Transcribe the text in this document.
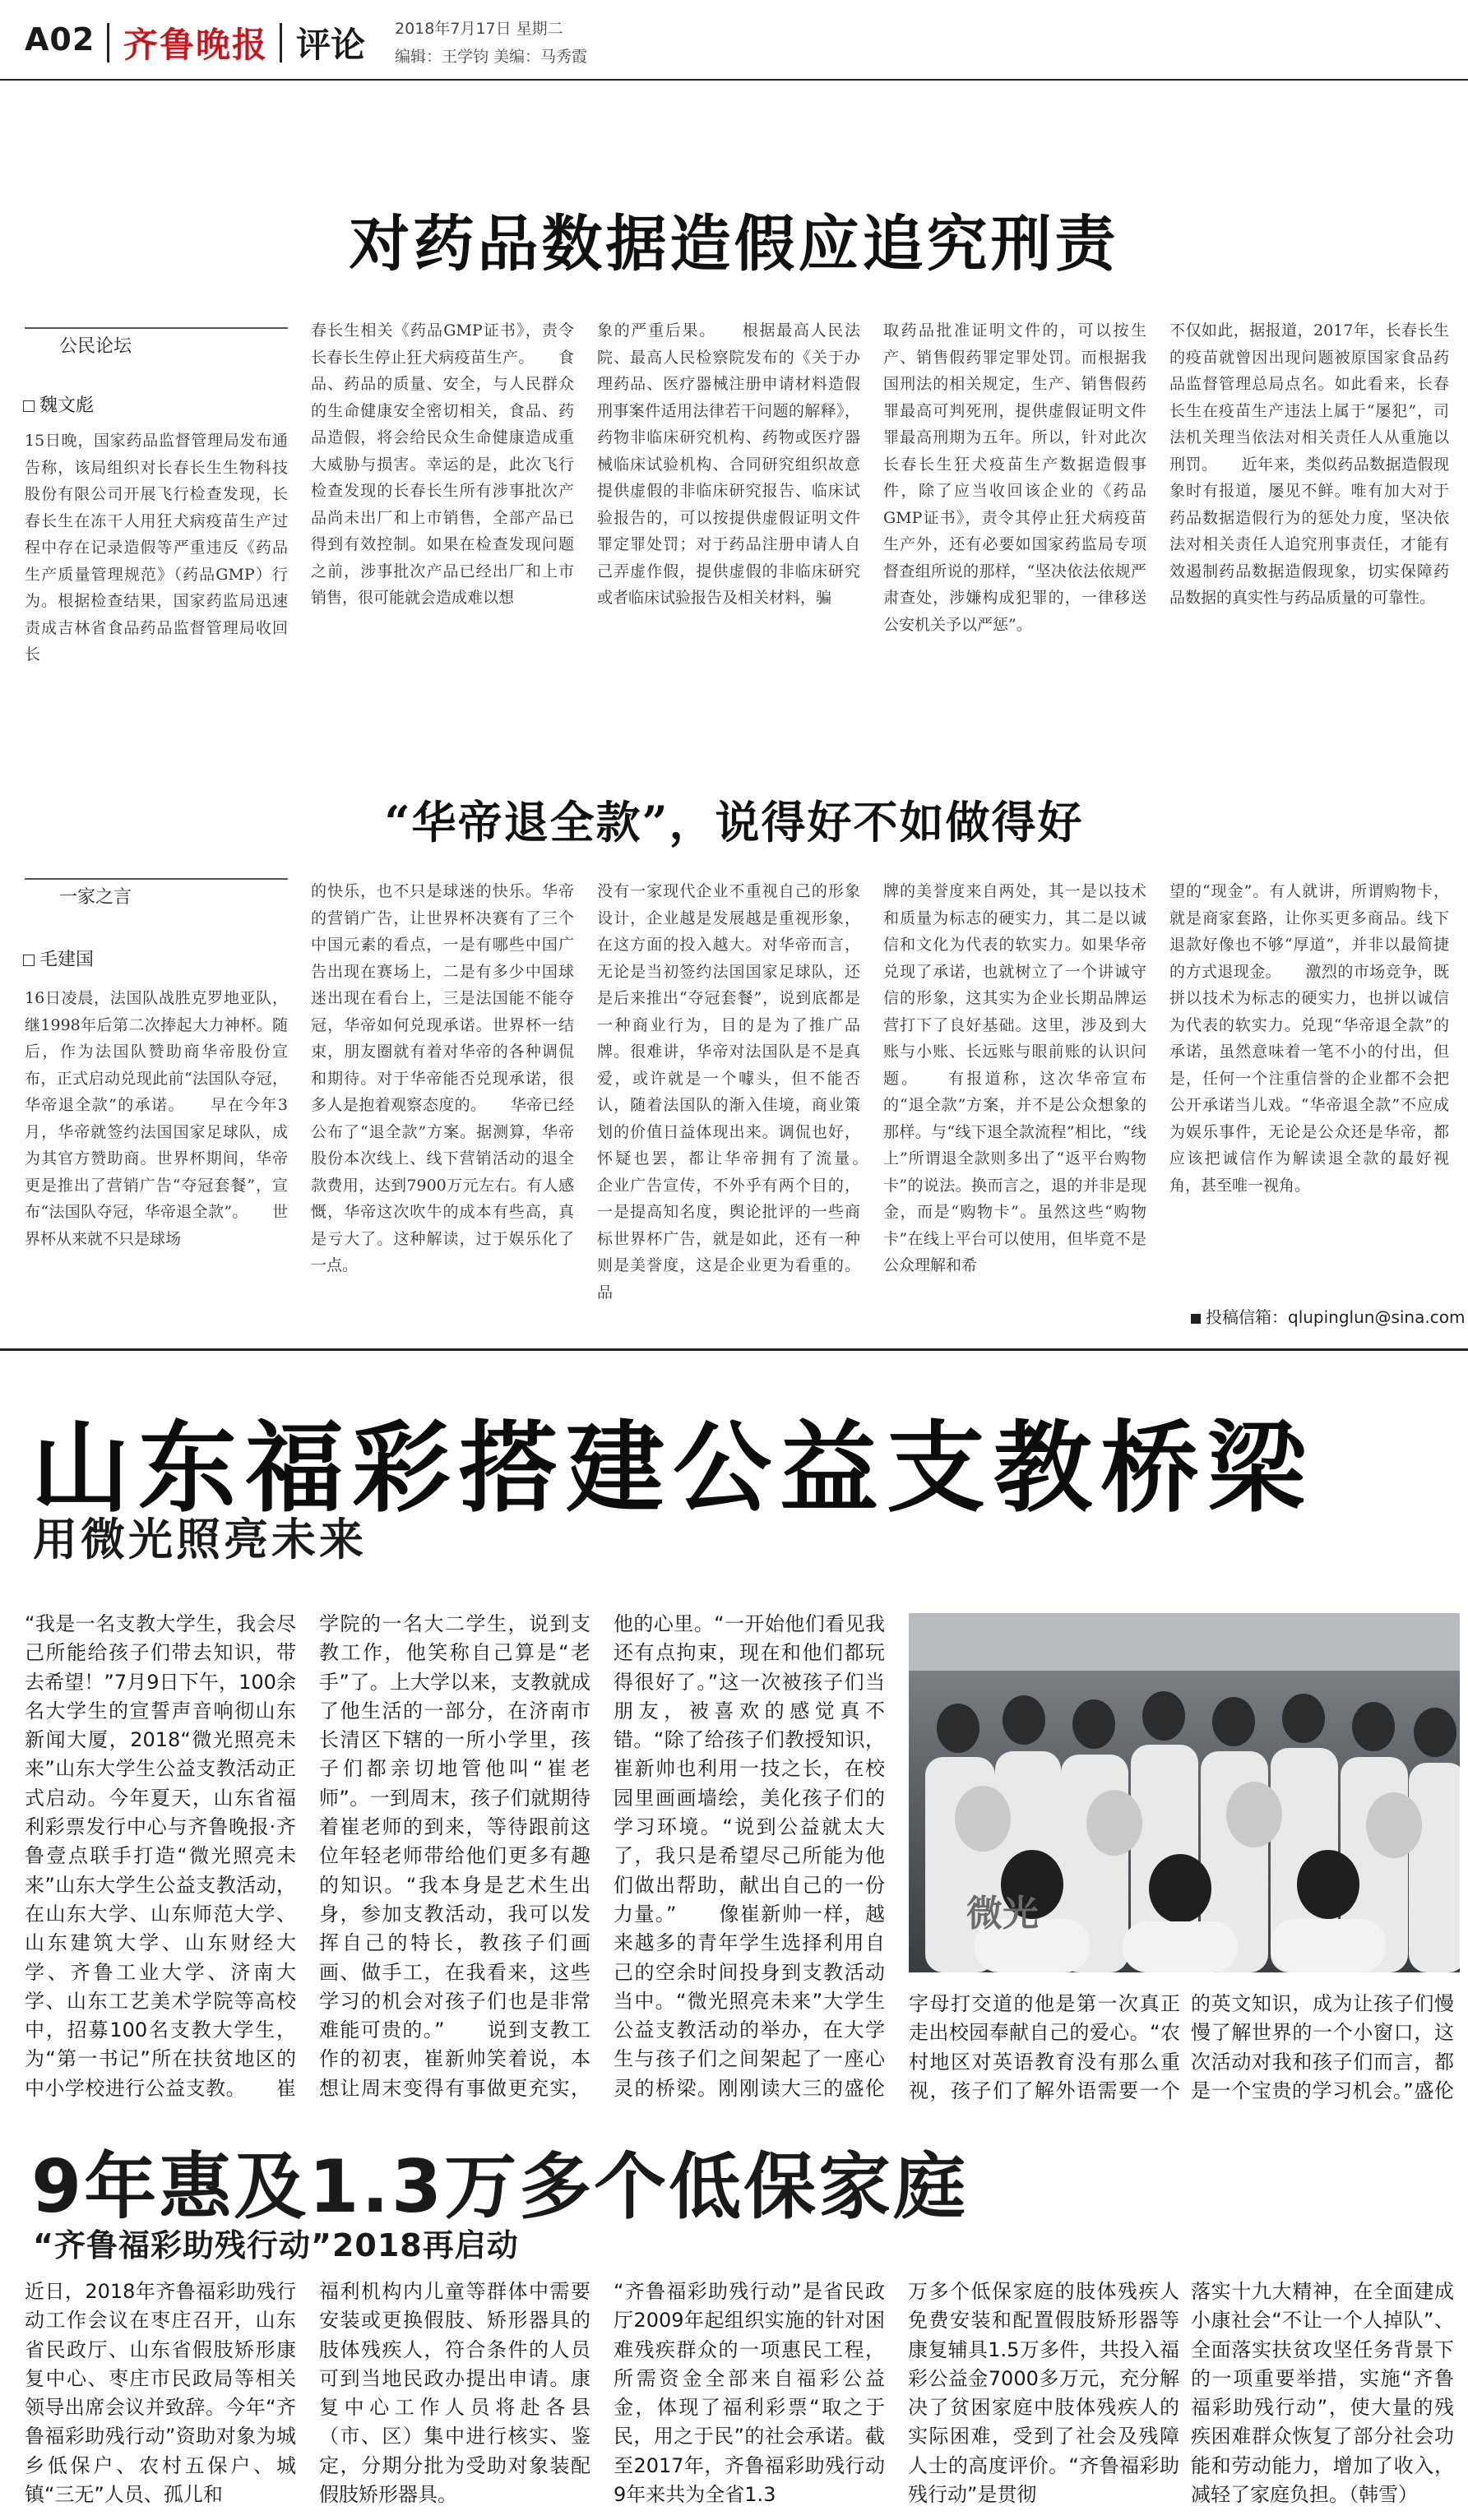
A02 齐鲁晚报 评论 2018年7月17日 星期二
编辑：王学钧 美编：马秀霞
对药品数据造假应追究刑责
公民论坛
魏文彪
15日晚，国家药品监督管理局发布通告称，该局组织对长春长生生物科技股份有限公司开展飞行检查发现，长春长生在冻干人用狂犬病疫苗生产过程中存在记录造假等严重违反《药品生产质量管理规范》（药品GMP）行为。根据检查结果，国家药监局迅速责成吉林省食品药品监督管理局收回长
春长生相关《药品GMP证书》，责令长春长生停止狂犬病疫苗生产。　　食品、药品的质量、安全，与人民群众的生命健康安全密切相关，食品、药品造假，将会给民众生命健康造成重大威胁与损害。幸运的是，此次飞行检查发现的长春长生所有涉事批次产品尚未出厂和上市销售，全部产品已得到有效控制。如果在检查发现问题之前，涉事批次产品已经出厂和上市销售，很可能就会造成难以想
象的严重后果。　　根据最高人民法院、最高人民检察院发布的《关于办理药品、医疗器械注册申请材料造假刑事案件适用法律若干问题的解释》，药物非临床研究机构、药物或医疗器械临床试验机构、合同研究组织故意提供虚假的非临床研究报告、临床试验报告的，可以按提供虚假证明文件罪定罪处罚；对于药品注册申请人自己弄虚作假，提供虚假的非临床研究或者临床试验报告及相关材料，骗
取药品批准证明文件的，可以按生产、销售假药罪定罪处罚。而根据我国刑法的相关规定，生产、销售假药罪最高可判死刑，提供虚假证明文件罪最高刑期为五年。所以，针对此次长春长生狂犬疫苗生产数据造假事件，除了应当收回该企业的《药品GMP证书》，责令其停止狂犬病疫苗生产外，还有必要如国家药监局专项督查组所说的那样，“坚决依法依规严肃查处，涉嫌构成犯罪的，一律移送公安机关予以严惩”。
不仅如此，据报道，2017年，长春长生的疫苗就曾因出现问题被原国家食品药品监督管理总局点名。如此看来，长春长生在疫苗生产违法上属于“屡犯”，司法机关理当依法对相关责任人从重施以刑罚。　　近年来，类似药品数据造假现象时有报道，屡见不鲜。唯有加大对于药品数据造假行为的惩处力度，坚决依法对相关责任人追究刑事责任，才能有效遏制药品数据造假现象，切实保障药品数据的真实性与药品质量的可靠性。
“华帝退全款”，说得好不如做得好
一家之言
毛建国
16日凌晨，法国队战胜克罗地亚队，继1998年后第二次捧起大力神杯。随后，作为法国队赞助商华帝股份宣布，正式启动兑现此前“法国队夺冠，华帝退全款”的承诺。　　早在今年3月，华帝就签约法国国家足球队，成为其官方赞助商。世界杯期间，华帝更是推出了营销广告“夺冠套餐”，宣布“法国队夺冠，华帝退全款”。　　世界杯从来就不只是球场
的快乐，也不只是球迷的快乐。华帝的营销广告，让世界杯决赛有了三个中国元素的看点，一是有哪些中国广告出现在赛场上，二是有多少中国球迷出现在看台上，三是法国能不能夺冠，华帝如何兑现承诺。世界杯一结束，朋友圈就有着对华帝的各种调侃和期待。对于华帝能否兑现承诺，很多人是抱着观察态度的。　　华帝已经公布了“退全款”方案。据测算，华帝股份本次线上、线下营销活动的退全款费用，达到7900万元左右。有人感慨，华帝这次吹牛的成本有些高，真是亏大了。这种解读，过于娱乐化了一点。
没有一家现代企业不重视自己的形象设计，企业越是发展越是重视形象，在这方面的投入越大。对华帝而言，无论是当初签约法国国家足球队，还是后来推出“夺冠套餐”，说到底都是一种商业行为，目的是为了推广品牌。很难讲，华帝对法国队是不是真爱，或许就是一个噱头，但不能否认，随着法国队的渐入佳境，商业策划的价值日益体现出来。调侃也好，怀疑也罢，都让华帝拥有了流量。　　企业广告宣传，不外乎有两个目的，一是提高知名度，舆论批评的一些商标世界杯广告，就是如此，还有一种则是美誉度，这是企业更为看重的。品
牌的美誉度来自两处，其一是以技术和质量为标志的硬实力，其二是以诚信和文化为代表的软实力。如果华帝兑现了承诺，也就树立了一个讲诚守信的形象，这其实为企业长期品牌运营打下了良好基础。这里，涉及到大账与小账、长远账与眼前账的认识问题。　　有报道称，这次华帝宣布的“退全款”方案，并不是公众想象的那样。与“线下退全款流程”相比，“线上”所谓退全款则多出了“返平台购物卡”的说法。换而言之，退的并非是现金，而是“购物卡”。虽然这些“购物卡”在线上平台可以使用，但毕竟不是公众理解和希
望的“现金”。有人就讲，所谓购物卡，就是商家套路，让你买更多商品。线下退款好像也不够“厚道”，并非以最简捷的方式退现金。　　激烈的市场竞争，既拼以技术为标志的硬实力，也拼以诚信为代表的软实力。兑现“华帝退全款”的承诺，虽然意味着一笔不小的付出，但是，任何一个注重信誉的企业都不会把公开承诺当儿戏。“华帝退全款”不应成为娱乐事件，无论是公众还是华帝，都应该把诚信作为解读退全款的最好视角，甚至唯一视角。
投稿信箱：qlupinglun@sina.com
山东福彩搭建公益支教桥梁
用微光照亮未来
“我是一名支教大学生，我会尽己所能给孩子们带去知识，带去希望！”7月9日下午，100余名大学生的宣誓声音响彻山东新闻大厦，2018“微光照亮未来”山东大学生公益支教活动正式启动。今年夏天，山东省福利彩票发行中心与齐鲁晚报·齐鲁壹点联手打造“微光照亮未来”山东大学生公益支教活动，在山东大学、山东师范大学、山东建筑大学、山东财经大学、齐鲁工业大学、济南大学、山东工艺美术学院等高校中，招募100名支教大学生，为“第一书记”所在扶贫地区的中小学校进行公益支教。　　崔
学院的一名大二学生，说到支教工作，他笑称自己算是“老手”了。上大学以来，支教就成了他生活的一部分，在济南市长清区下辖的一所小学里，孩子们都亲切地管他叫“崔老师”。一到周末，孩子们就期待着崔老师的到来，等待跟前这位年轻老师带给他们更多有趣的知识。“我本身是艺术生出身，参加支教活动，我可以发挥自己的特长，教孩子们画画、做手工，在我看来，这些学习的机会对孩子们也是非常难能可贵的。”　　说到支教工作的初衷，崔新帅笑着说，本想让周末变得有事做更充实，
他的心里。“一开始他们看见我还有点拘束，现在和他们都玩得很好了。”这一次被孩子们当朋友，被喜欢的感觉真不错。“除了给孩子们教授知识，崔新帅也利用一技之长，在校园里画画墙绘，美化孩子们的学习环境。“说到公益就太大了，我只是希望尽己所能为他们做出帮助，献出自己的一份力量。”　　像崔新帅一样，越来越多的青年学生选择利用自己的空余时间投身到支教活动当中。“微光照亮未来”大学生公益支教活动的举办，在大学生与孩子们之间架起了一座心灵的桥梁。刚刚读大三的盛伦
微光
字母打交道的他是第一次真正走出校园奉献自己的爱心。“农村地区对英语教育没有那么重视，孩子们了解外语需要一个
的英文知识，成为让孩子们慢慢了解世界的一个小窗口，这次活动对我和孩子们而言，都是一个宝贵的学习机会。”盛伦　　
9年惠及1.3万多个低保家庭
“齐鲁福彩助残行动”2018再启动
近日，2018年齐鲁福彩助残行动工作会议在枣庄召开，山东省民政厅、山东省假肢矫形康复中心、枣庄市民政局等相关领导出席会议并致辞。今年“齐鲁福彩助残行动”资助对象为城乡低保户、农村五保户、城镇“三无”人员、孤儿和
福利机构内儿童等群体中需要安装或更换假肢、矫形器具的肢体残疾人，符合条件的人员可到当地民政办提出申请。康复中心工作人员将赴各县（市、区）集中进行核实、鉴定，分期分批为受助对象装配假肢矫形器具。
“齐鲁福彩助残行动”是省民政厅2009年起组织实施的针对困难残疾群众的一项惠民工程，所需资金全部来自福彩公益金，体现了福利彩票“取之于民，用之于民”的社会承诺。截至2017年，齐鲁福彩助残行动9年来共为全省1.3
万多个低保家庭的肢体残疾人免费安装和配置假肢矫形器等康复辅具1.5万多件，共投入福彩公益金7000多万元，充分解决了贫困家庭中肢体残疾人的实际困难，受到了社会及残障人士的高度评价。“齐鲁福彩助残行动”是贯彻
落实十九大精神，在全面建成小康社会“不让一个人掉队”、全面落实扶贫攻坚任务背景下的一项重要举措，实施“齐鲁福彩助残行动”，使大量的残疾困难群众恢复了部分社会功能和劳动能力，增加了收入，减轻了家庭负担。（韩雪）
